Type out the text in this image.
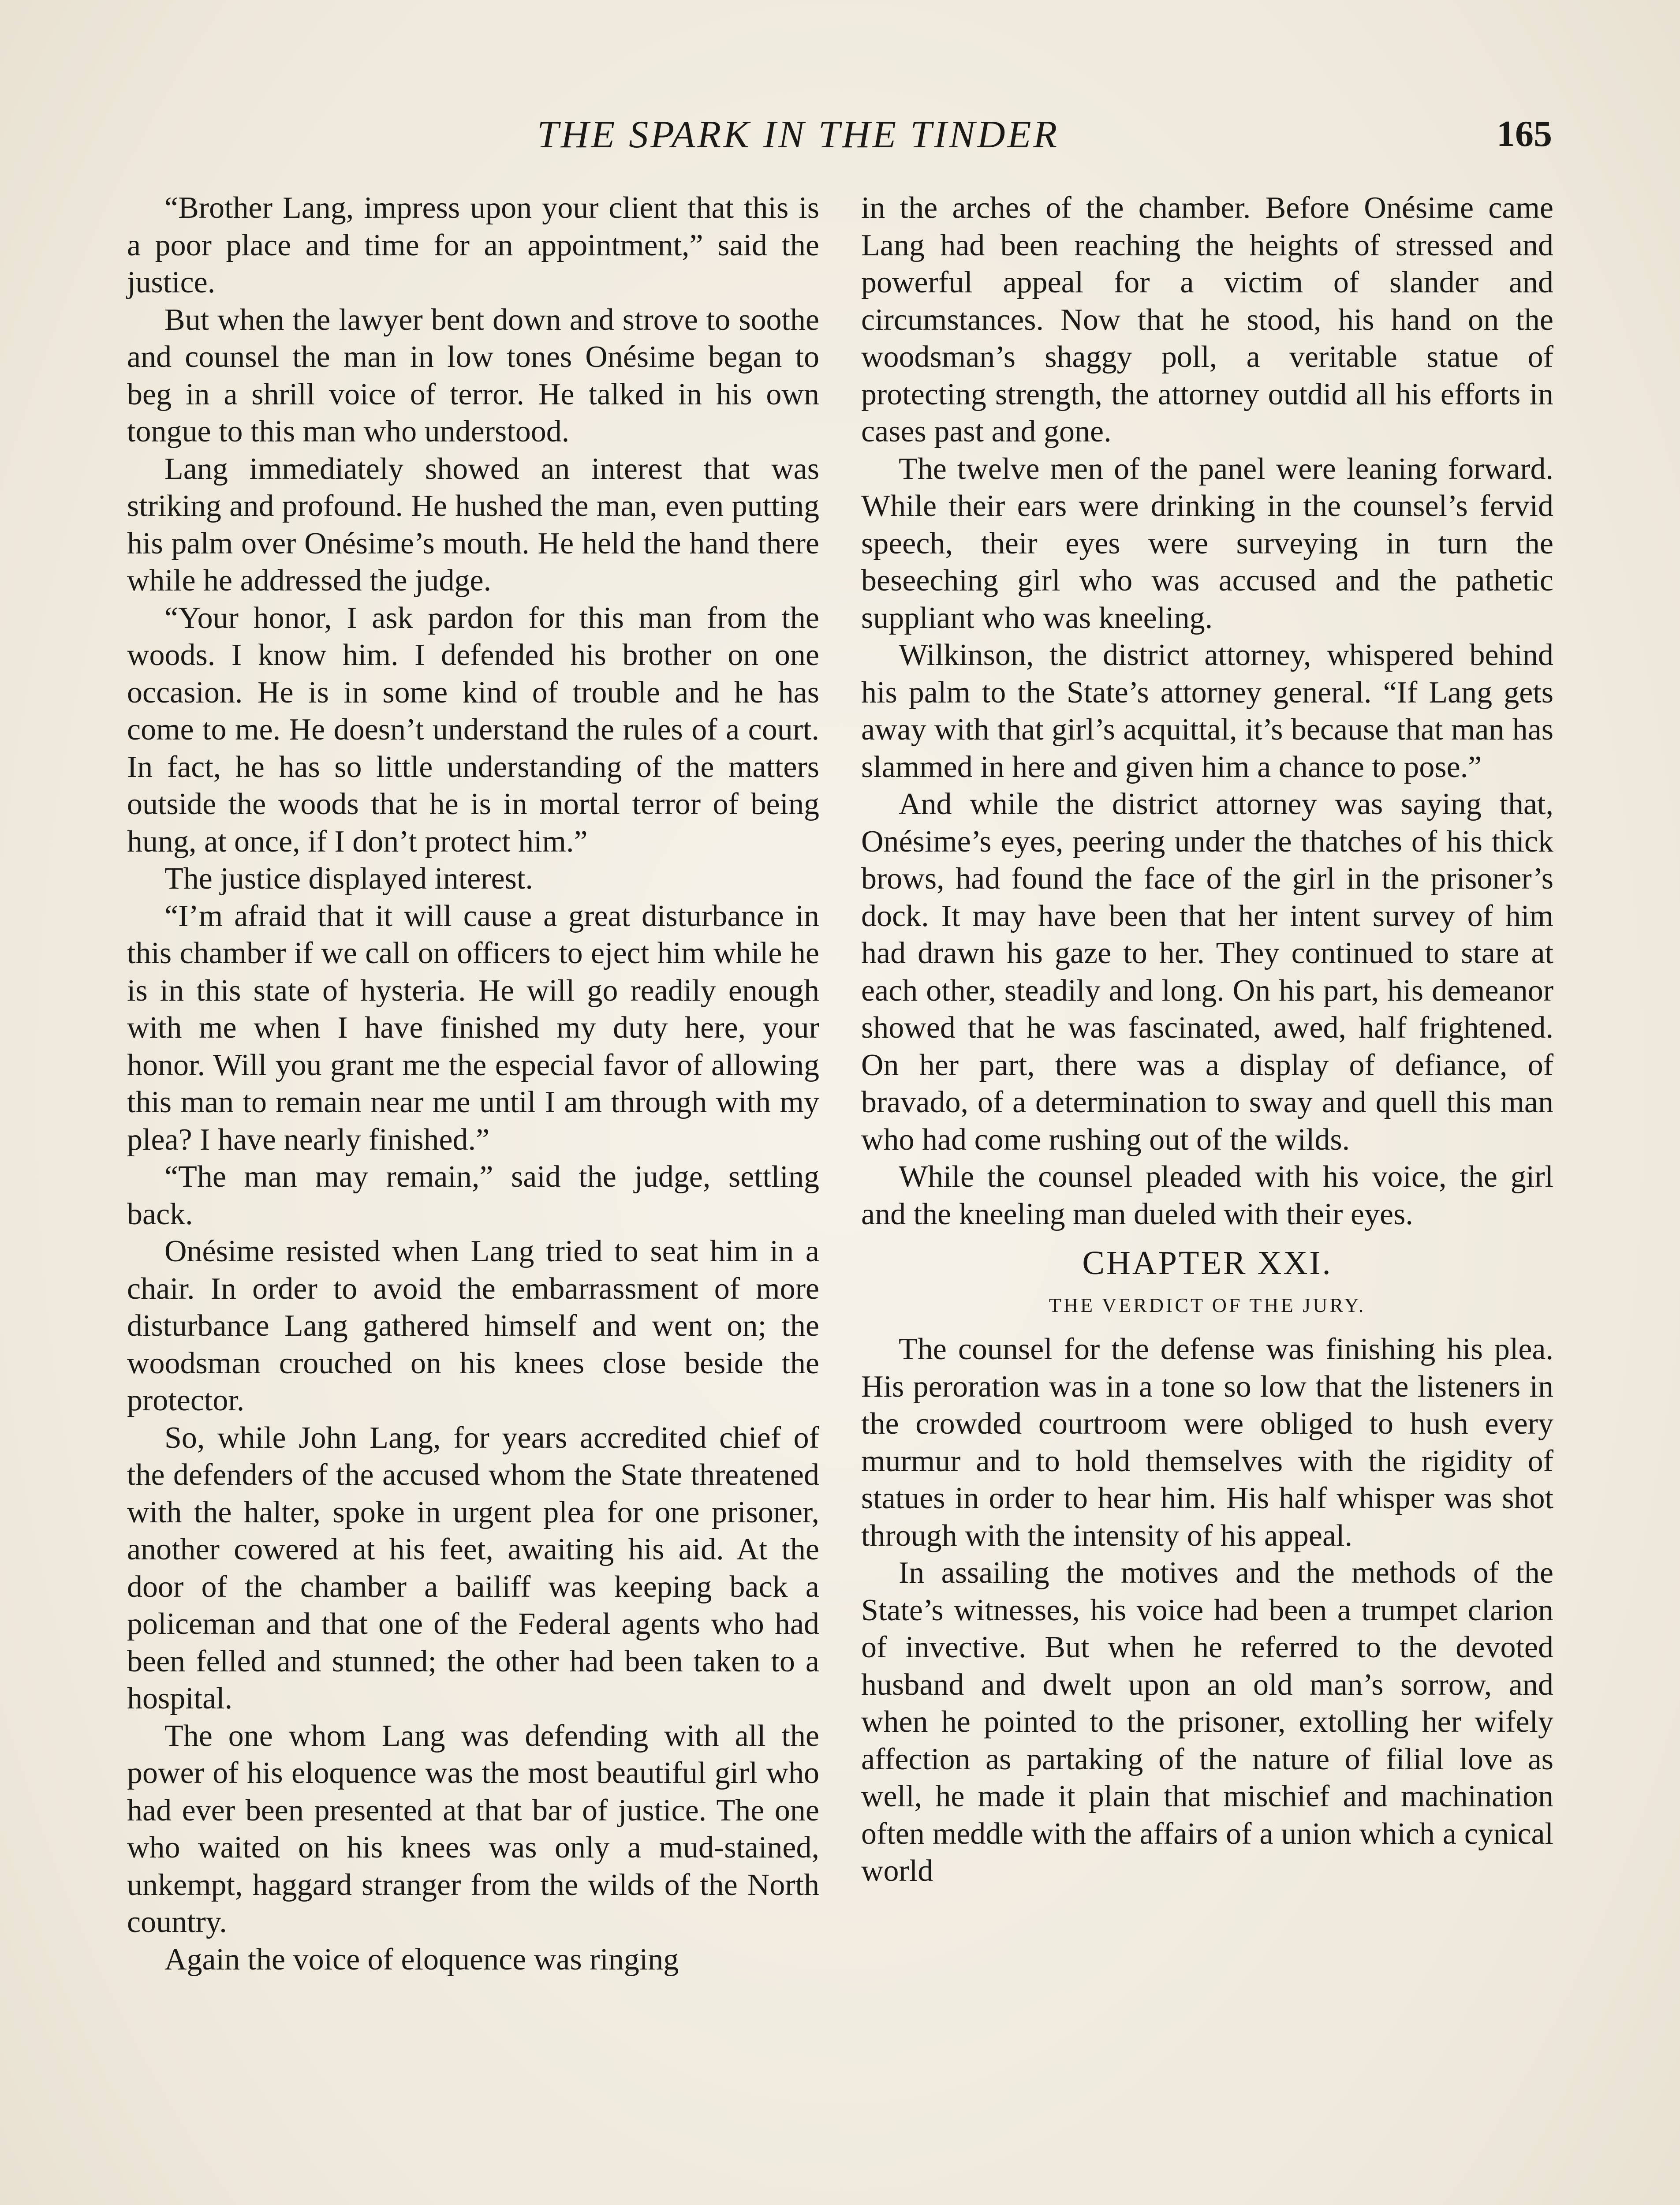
THE SPARK IN THE TINDER	165

“Brother Lang, impress upon your client that this is a poor place and time for an appointment,” said the justice.

But when the lawyer bent down and strove to soothe and counsel the man in low tones Onésime began to beg in a shrill voice of terror. He talked in his own tongue to this man who understood.

Lang immediately showed an interest that was striking and profound. He hushed the man, even putting his palm over Onésime’s mouth. He held the hand there while he addressed the judge.

“Your honor, I ask pardon for this man from the woods. I know him. I defended his brother on one occasion. He is in some kind of trouble and he has come to me. He doesn’t understand the rules of a court. In fact, he has so little understanding of the matters outside the woods that he is in mortal terror of being hung, at once, if I don’t protect him.”

The justice displayed interest.

“I’m afraid that it will cause a great disturbance in this chamber if we call on officers to eject him while he is in this state of hysteria. He will go readily enough with me when I have finished my duty here, your honor. Will you grant me the especial favor of allowing this man to remain near me until I am through with my plea? I have nearly finished.”

“The man may remain,” said the judge, settling back.

Onésime resisted when Lang tried to seat him in a chair. In order to avoid the embarrassment of more disturbance Lang gathered himself and went on; the woodsman crouched on his knees close beside the protector.

So, while John Lang, for years accredited chief of the defenders of the accused whom the State threatened with the halter, spoke in urgent plea for one prisoner, another cowered at his feet, awaiting his aid. At the door of the chamber a bailiff was keeping back a policeman and that one of the Federal agents who had been felled and stunned; the other had been taken to a hospital.

The one whom Lang was defending with all the power of his eloquence was the most beautiful girl who had ever been presented at that bar of justice. The one who waited on his knees was only a mud-stained, unkempt, haggard stranger from the wilds of the North country.

Again the voice of eloquence was ringing

in the arches of the chamber. Before Onésime came Lang had been reaching the heights of stressed and powerful appeal for a victim of slander and circumstances. Now that he stood, his hand on the woodsman’s shaggy poll, a veritable statue of protecting strength, the attorney outdid all his efforts in cases past and gone.

The twelve men of the panel were leaning forward. While their ears were drinking in the counsel’s fervid speech, their eyes were surveying in turn the beseeching girl who was accused and the pathetic suppliant who was kneeling.

Wilkinson, the district attorney, whispered behind his palm to the State’s attorney general. “If Lang gets away with that girl’s acquittal, it’s because that man has slammed in here and given him a chance to pose.”

And while the district attorney was saying that, Onésime’s eyes, peering under the thatches of his thick brows, had found the face of the girl in the prisoner’s dock. It may have been that her intent survey of him had drawn his gaze to her. They continued to stare at each other, steadily and long. On his part, his demeanor showed that he was fascinated, awed, half frightened. On her part, there was a display of defiance, of bravado, of a determination to sway and quell this man who had come rushing out of the wilds.

While the counsel pleaded with his voice, the girl and the kneeling man dueled with their eyes.

CHAPTER XXI.
THE VERDICT OF THE JURY.

The counsel for the defense was finishing his plea. His peroration was in a tone so low that the listeners in the crowded courtroom were obliged to hush every murmur and to hold themselves with the rigidity of statues in order to hear him. His half whisper was shot through with the intensity of his appeal.

In assailing the motives and the methods of the State’s witnesses, his voice had been a trumpet clarion of invective. But when he referred to the devoted husband and dwelt upon an old man’s sorrow, and when he pointed to the prisoner, extolling her wifely affection as partaking of the nature of filial love as well, he made it plain that mischief and machination often meddle with the affairs of a union which a cynical world
